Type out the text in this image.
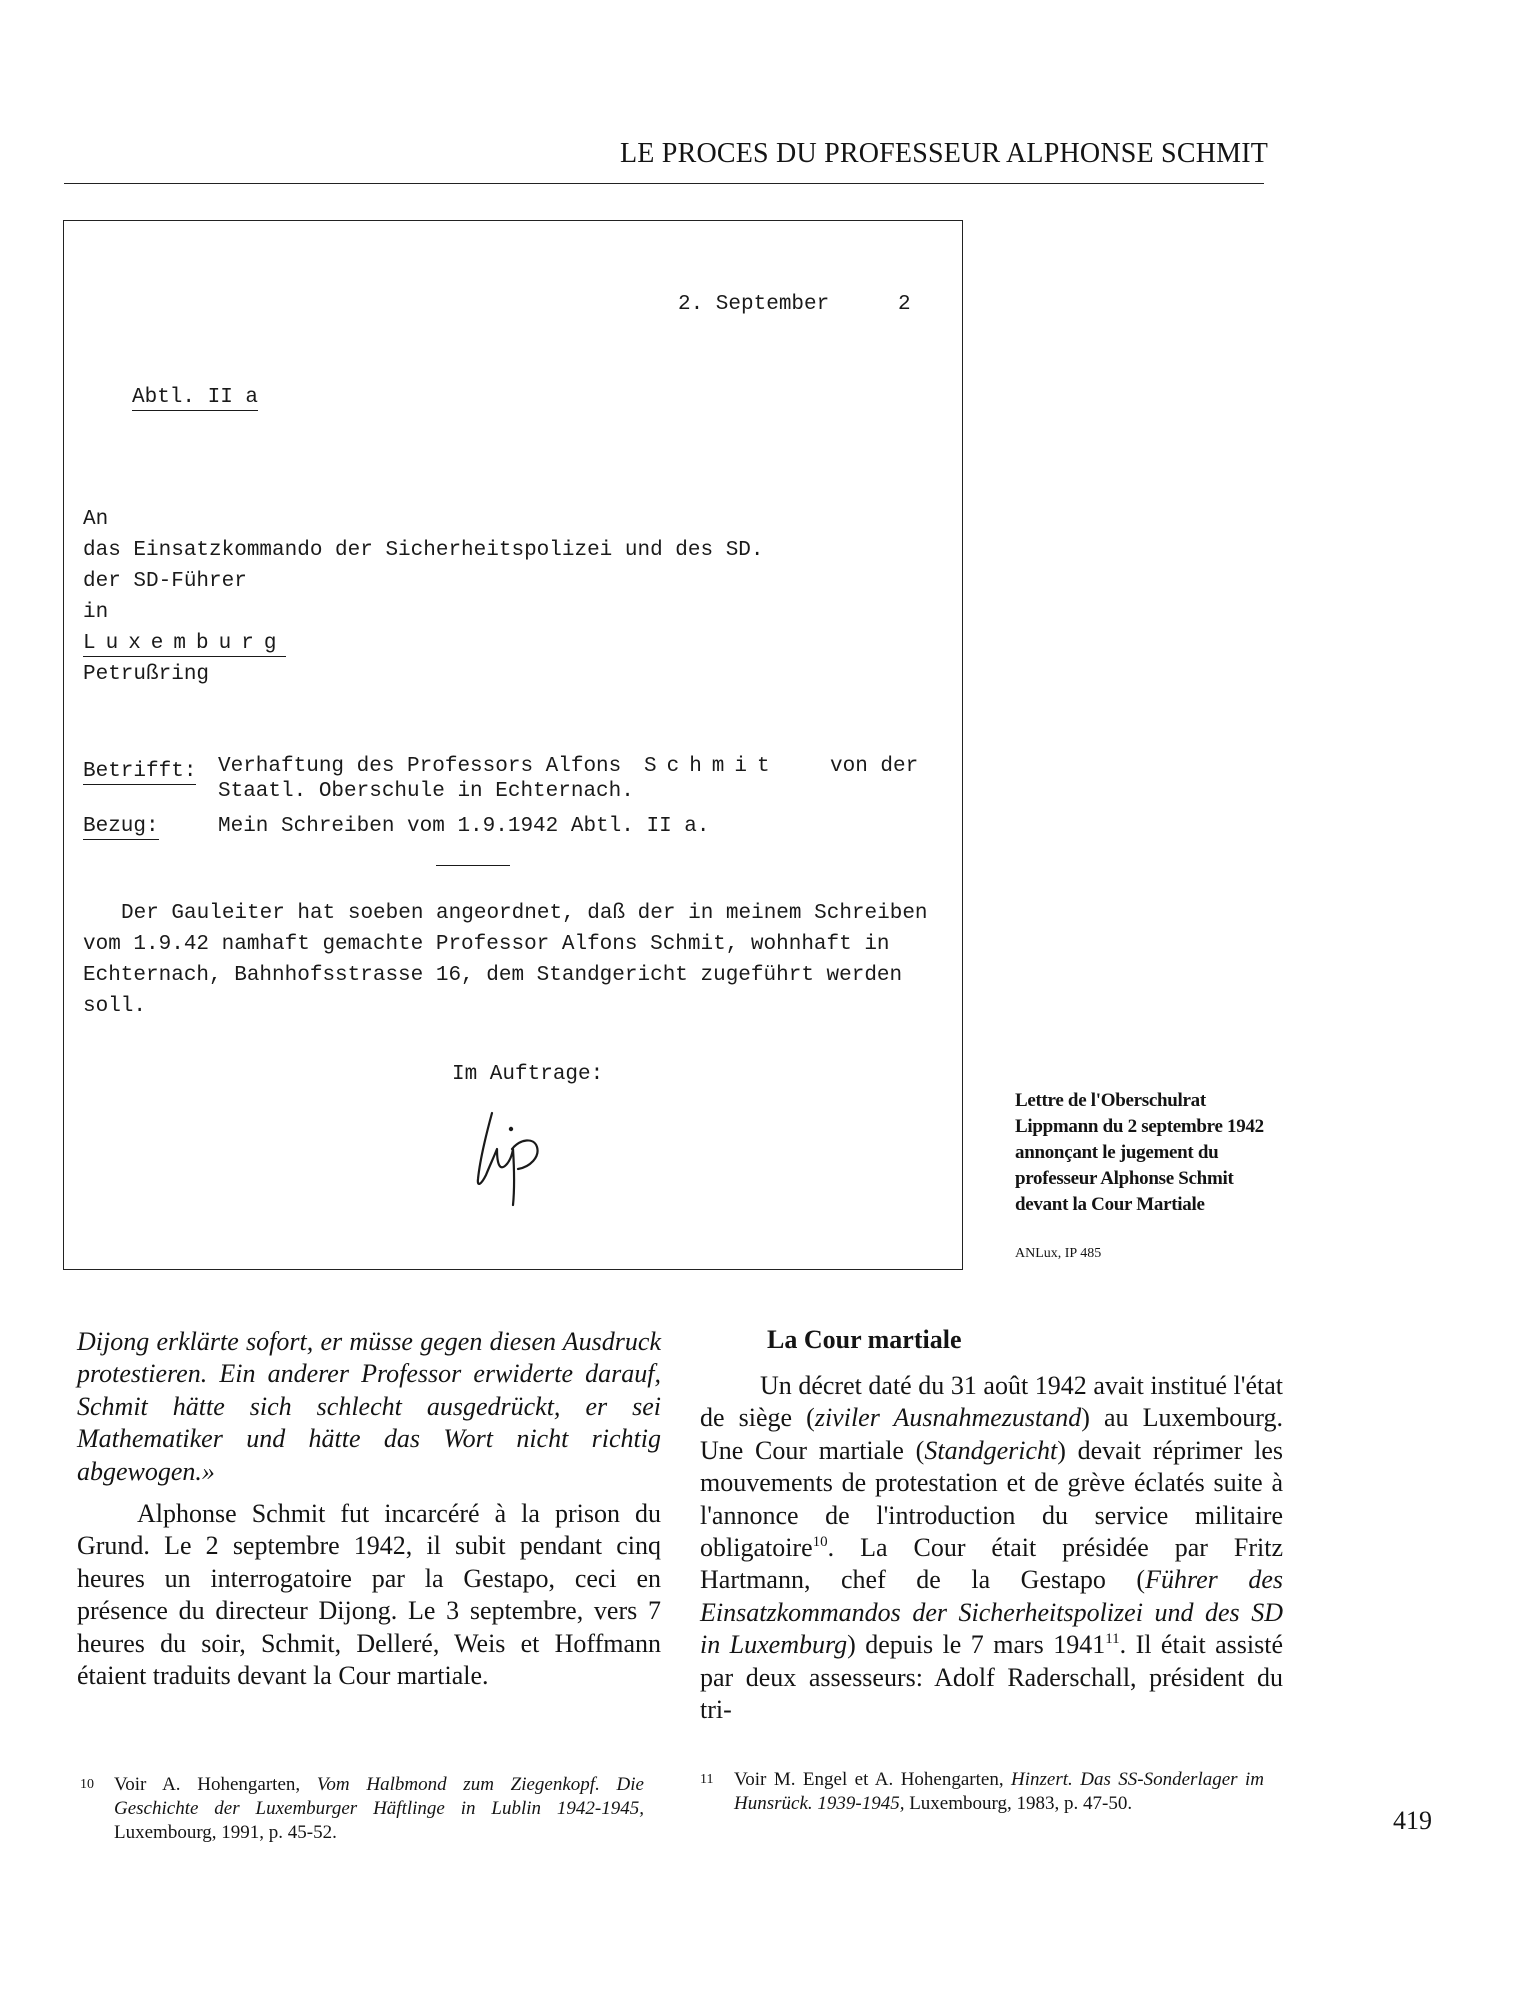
LE PROCES DU PROFESSEUR ALPHONSE SCHMIT
2. September	2
Abtl. II a
An
das Einsatzkommando der Sicherheitspolizei und des SD.
der SD-Führer
in
Luxemburg
Petrußring
Betrifft: Verhaftung des Professors Alfons Schmit von der
Staatl. Oberschule in Echternach.
Bezug:	Mein Schreiben vom 1.9.1942 Abtl. II a.
Der Gauleiter hat soeben angeordnet, daß der in meinem Schreiben
vom 1.9.42 namhaft gemachte Professor Alfons Schmit, wohnhaft in
Echternach, Bahnhofsstrasse 16, dem Standgericht zugeführt werden
soll.
Im Auftrage:
Lettre de l'Oberschulrat Lippmann du 2 septembre 1942 annonçant le jugement du professeur Alphonse Schmit devant la Cour Martiale
ANLux, IP 485
Dijong erklärte sofort, er müsse gegen diesen Ausdruck protestieren. Ein anderer Professor erwiderte darauf, Schmit hätte sich schlecht ausgedrückt, er sei Mathematiker und hätte das Wort nicht richtig abgewogen.»
Alphonse Schmit fut incarcéré à la prison du Grund. Le 2 septembre 1942, il subit pendant cinq heures un interrogatoire par la Gestapo, ceci en présence du directeur Dijong. Le 3 septembre, vers 7 heures du soir, Schmit, Delleré, Weis et Hoffmann étaient traduits devant la Cour martiale.
La Cour martiale
Un décret daté du 31 août 1942 avait institué l'état de siège (ziviler Ausnahmezustand) au Luxembourg. Une Cour martiale (Standgericht) devait réprimer les mouvements de protestation et de grève éclatés suite à l'annonce de l'introduction du service militaire obligatoire$^{10}$. La Cour était présidée par Fritz Hartmann, chef de la Gestapo (Führer des Einsatzkommandos der Sicherheitspolizei und des SD in Luxemburg) depuis le 7 mars 1941$^{11}$. Il était assisté par deux assesseurs: Adolf Raderschall, président du tri-
10 Voir A. Hohengarten, Vom Halbmond zum Ziegenkopf. Die Geschichte der Luxemburger Häftlinge in Lublin 1942-1945, Luxembourg, 1991, p. 45-52.
11 Voir M. Engel et A. Hohengarten, Hinzert. Das SS-Sonderlager im Hunsrück. 1939-1945, Luxembourg, 1983, p. 47-50.
419
